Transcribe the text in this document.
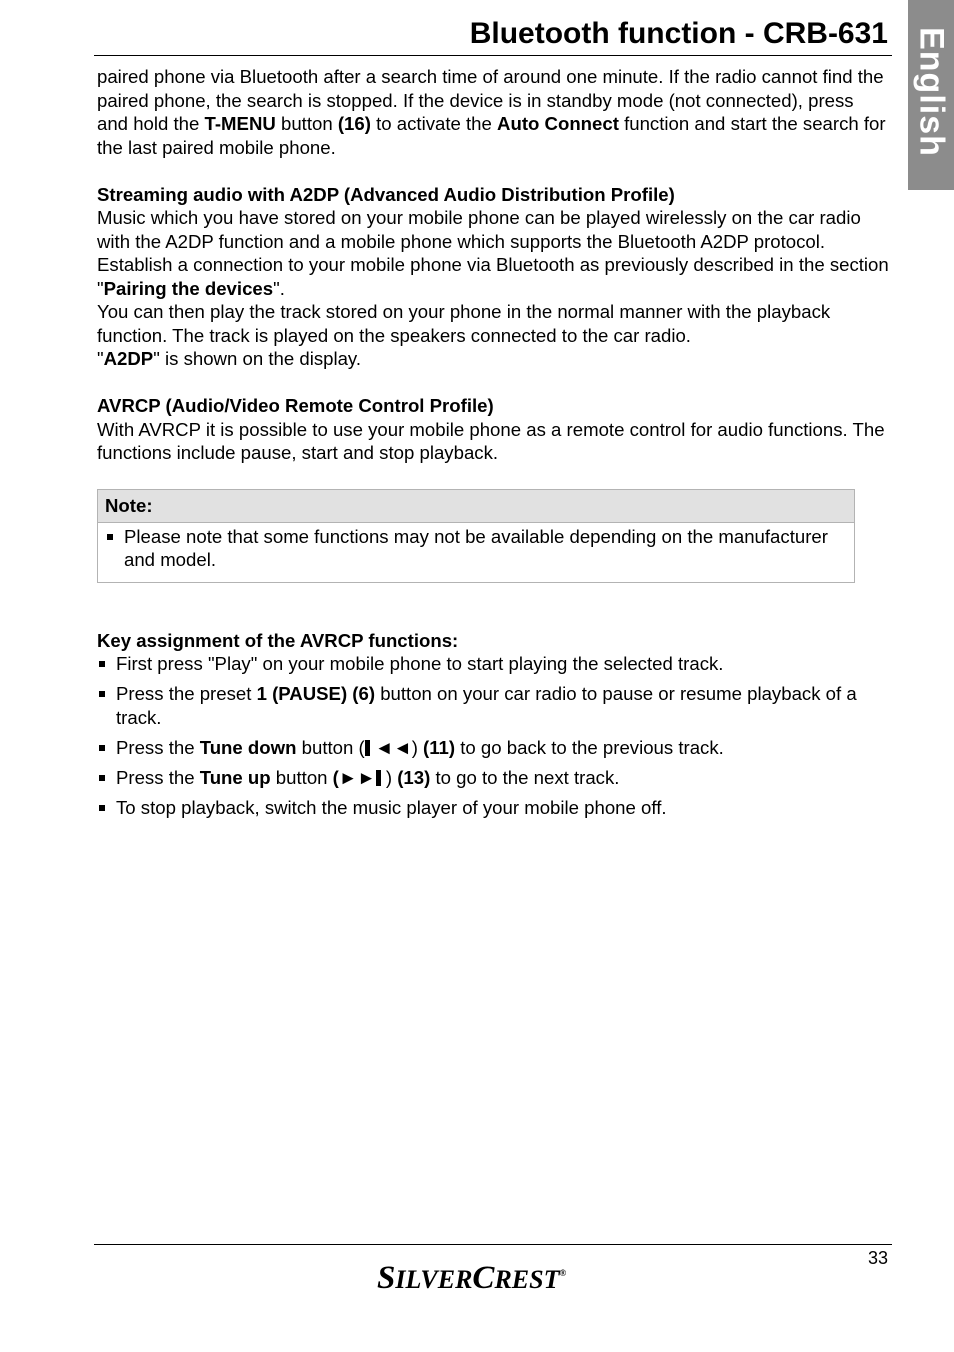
English
Bluetooth function - CRB-631

paired phone via Bluetooth after a search time of around one minute. If the radio cannot find the paired phone, the search is stopped. If the device is in standby mode (not connected), press and hold the T-MENU button (16) to activate the Auto Connect function and start the search for the last paired mobile phone.

Streaming audio with A2DP (Advanced Audio Distribution Profile)

Music which you have stored on your mobile phone can be played wirelessly on the car radio with the A2DP function and a mobile phone which supports the Bluetooth A2DP protocol.

Establish a connection to your mobile phone via Bluetooth as previously described in the section "Pairing the devices".

You can then play the track stored on your phone in the normal manner with the playback function. The track is played on the speakers connected to the car radio.

"A2DP" is shown on the display.

AVRCP (Audio/Video Remote Control Profile)

With AVRCP it is possible to use your mobile phone as a remote control for audio functions. The functions include pause, start and stop playback.

Note:
Please note that some functions may not be available depending on the manufacturer and model.

Key assignment of the AVRCP functions:

First press "Play" on your mobile phone to start playing the selected track.
Press the preset 1 (PAUSE) (6) button on your car radio to pause or resume playback of a track.
Press the Tune down button ( ◄◄) (11) to go back to the previous track.
Press the Tune up button (►► ) (13) to go to the next track.
To stop playback, switch the music player of your mobile phone off.
33
SILVERCREST®
